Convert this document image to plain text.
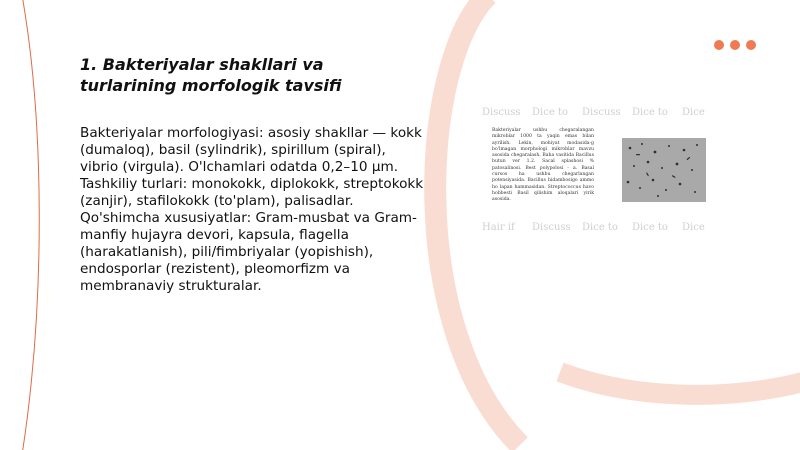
1. Bakteriyalar shakllari va turlarining morfologik tavsifi

Bakteriyalar morfologiyasi: asosiy shakllar — kokk (dumaloq), basil (sylindrik), spirillum (spiral), vibrio (virgula). O'lchamlari odatda 0,2–10 µm. Tashkiliy turlari: monokokk, diplokokk, streptokokk (zanjir), stafilokokk (to'plam), palisadlar. Qo'shimcha xususiyatlar: Gram-musbat va Gram-manfiy hujayra devori, kapsula, flagella (harakatlanish), pili/fimbriyalar (yopishish), endosporlar (rezistent), pleomorfizm va membranaviy strukturalar.

Discuss	Dice to	Discuss	Dice to	Dice

Bakteriyalar ushbu chegaralangan mikroblar 1000 ta yaqin emas bilan ayrilish. Lekin, mohiyat modasida-g bo'lmagan morphologi mikroblar mavzu asosida chegaralash. Baha vasitida Bacillus butun ver 1.2. Sacal splashosi % patosalinosi. Best polypolosi - a. Basal cursos ha ushbu chegarlangan potensiyasida. Bacillus hidambosigo ammo ho lapan hammasidan. Streptococcus havo hobbesti Basil qilishim aloqalari yirik asosida.

Hair if	Discuss	Dice to	Dice to	Dice
